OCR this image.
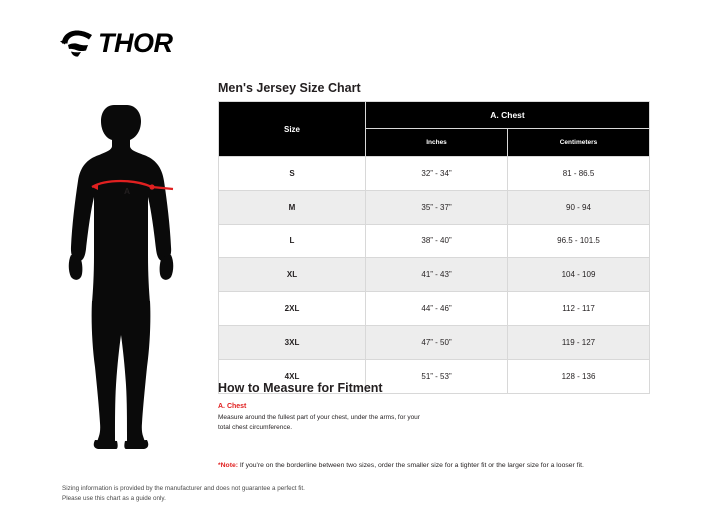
THOR
A
Men's Jersey Size Chart
Size	A. Chest	
	Inches	Centimeters
S	32” - 34”	81 - 86.5
M	35” - 37”	90 - 94
L	38” - 40”	96.5 - 101.5
XL	41” - 43”	104 - 109
2XL	44” - 46”	112 - 117
3XL	47” - 50”	119 - 127
4XL	51” - 53”	128 - 136
How to Measure for Fitment
A. Chest
Measure around the fullest part of your chest, under the arms, for your
total chest circumference.
*Note: If you're on the borderline between two sizes, order the smaller size for a tighter fit or the larger size for a looser fit.
Sizing information is provided by the manufacturer and does not guarantee a perfect fit.
Please use this chart as a guide only.
